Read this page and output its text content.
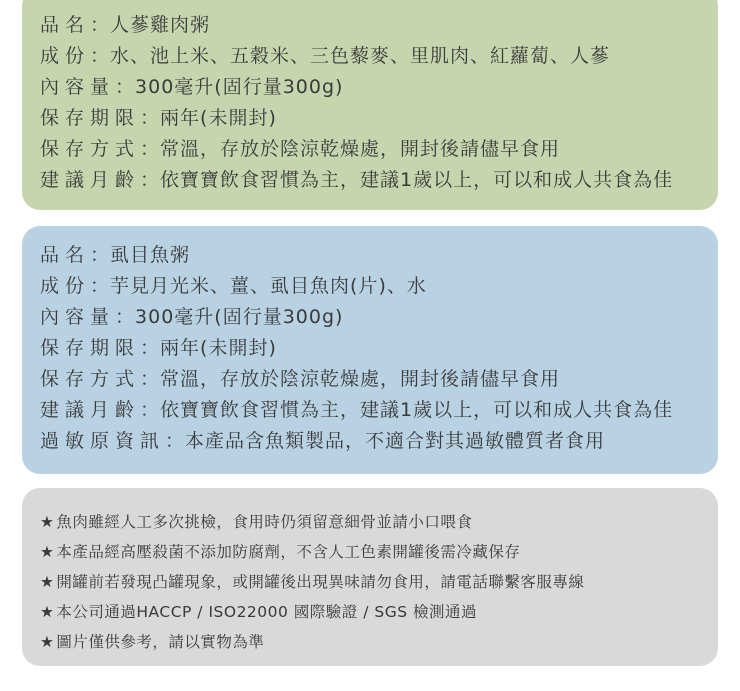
品名：人蔘雞肉粥
成份：水、池上米、五穀米、三色藜麥、里肌肉、紅蘿蔔、人蔘
內容量：300毫升(固行量300g)
保存期限：兩年(未開封)
保存方式：常溫，存放於陰涼乾燥處，開封後請儘早食用
建議月齡：依寶寶飲食習慣為主，建議1歲以上，可以和成人共食為佳
品名：虱目魚粥
成份：芋見月光米、薑、虱目魚肉(片)、水
內容量：300毫升(固行量300g)
保存期限：兩年(未開封)
保存方式：常溫，存放於陰涼乾燥處，開封後請儘早食用
建議月齡：依寶寶飲食習慣為主，建議1歲以上，可以和成人共食為佳
過敏原資訊：本產品含魚類製品，不適合對其過敏體質者食用
★ 魚肉雖經人工多次挑檢，食用時仍須留意細骨並請小口喂食
★ 本產品經高壓殺菌不添加防腐劑，不含人工色素開罐後需冷藏保存
★ 開罐前若發現凸罐現象，或開罐後出現異味請勿食用，請電話聯繫客服專線
★ 本公司通過HACCP / ISO22000 國際驗證 / SGS 檢測通過
★ 圖片僅供參考，請以實物為準
